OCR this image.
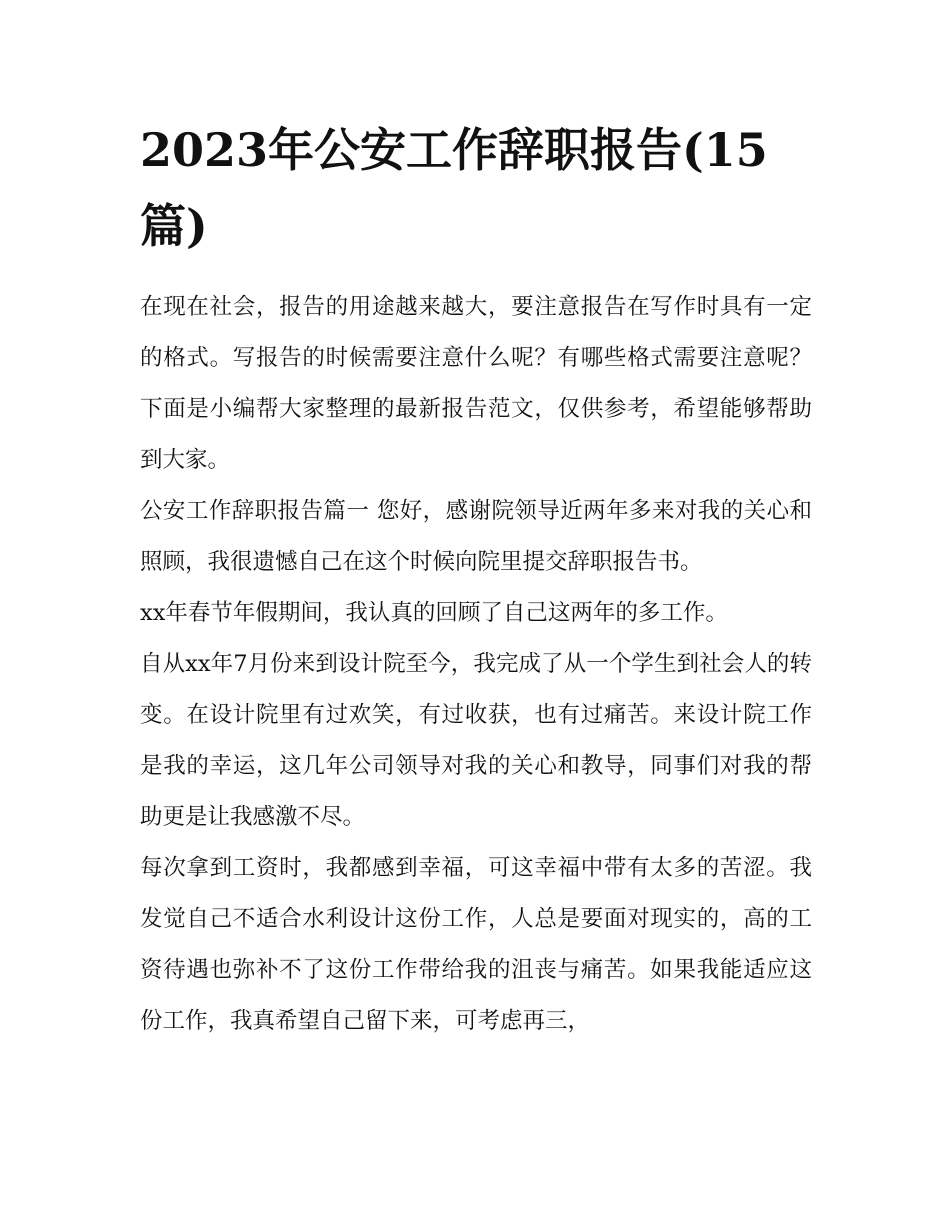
2023年公安工作辞职报告(15篇)

在现在社会，报告的用途越来越大，要注意报告在写作时具有一定的格式。写报告的时候需要注意什么呢？有哪些格式需要注意呢？下面是小编帮大家整理的最新报告范文，仅供参考，希望能够帮助到大家。

公安工作辞职报告篇一 您好，感谢院领导近两年多来对我的关心和照顾，我很遗憾自己在这个时候向院里提交辞职报告书。

xx年春节年假期间，我认真的回顾了自己这两年的多工作。

自从xx年7月份来到设计院至今，我完成了从一个学生到社会人的转变。在设计院里有过欢笑，有过收获，也有过痛苦。来设计院工作是我的幸运，这几年公司领导对我的关心和教导，同事们对我的帮助更是让我感激不尽。

每次拿到工资时，我都感到幸福，可这幸福中带有太多的苦涩。我发觉自己不适合水利设计这份工作，人总是要面对现实的，高的工资待遇也弥补不了这份工作带给我的沮丧与痛苦。如果我能适应这份工作，我真希望自己留下来，可考虑再三，
